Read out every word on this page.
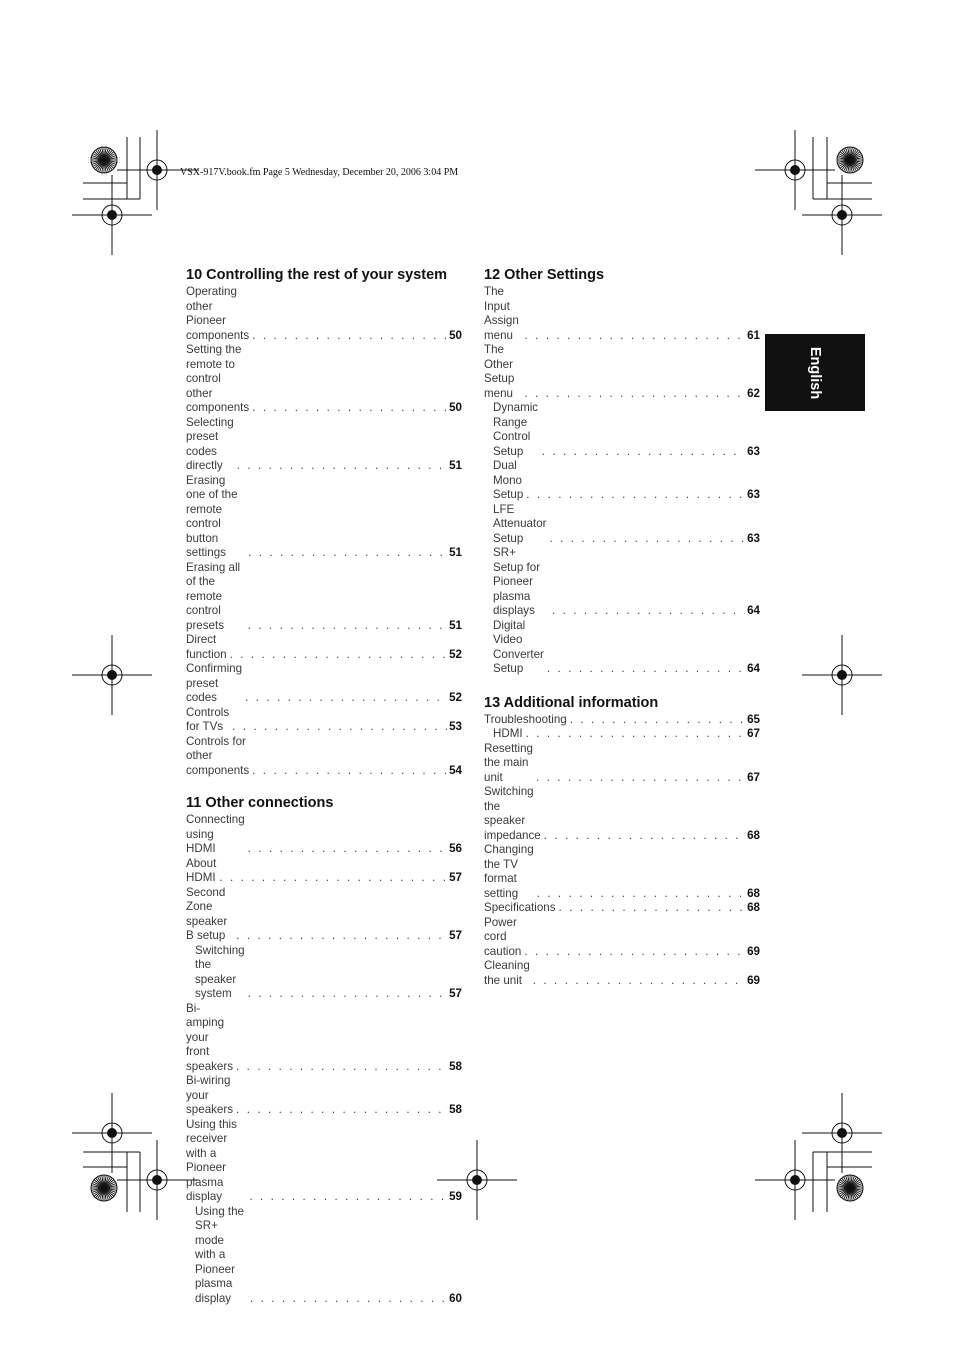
VSX-917V.book.fm Page 5 Wednesday, December 20, 2006 3:04 PM
10 Controlling the rest of your system
Operating other Pioneer components . . .	50
Setting the remote to control other
components . . .	50
Selecting preset codes directly . . .	51
Erasing one of the remote control button
settings . . .	51
Erasing all of the remote control presets . . .	51
Direct function . . .	52
Confirming preset codes . . .	52
Controls for TVs . . .	53
Controls for other components . . .	54
11 Other connections
Connecting using HDMI . . .	56
About HDMI . . .	57
Second Zone speaker B setup . . .	57
Switching the speaker system . . .	57
Bi-amping your front speakers . . .	58
Bi-wiring your speakers . . .	58
Using this receiver with a Pioneer plasma
display . . .	59
Using the SR+ mode with a Pioneer
plasma display . . .	60
12 Other Settings
The Input Assign menu . . .	61
The Other Setup menu . . .	62
Dynamic Range Control Setup . . .	63
Dual Mono Setup . . .	63
LFE Attenuator Setup . . .	63
SR+ Setup for Pioneer plasma displays . . .	64
Digital Video Converter Setup . . .	64
13 Additional information
Troubleshooting . . .	65
HDMI . . .	67
Resetting the main unit . . .	67
Switching the speaker impedance . . .	68
Changing the TV format setting . . .	68
Specifications . . .	68
Power cord caution . . .	69
Cleaning the unit . . .	69
English
